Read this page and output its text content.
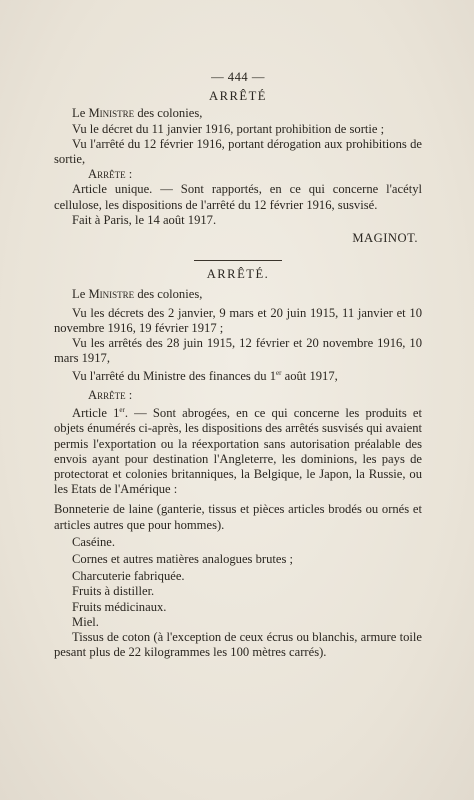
— 444 —
ARRÊTÉ

Le Ministre des colonies,

Vu le décret du 11 janvier 1916, portant prohibition de sortie ;

Vu l'arrêté du 12 février 1916, portant dérogation aux prohibitions de sortie,

Arrête :

Article unique. — Sont rapportés, en ce qui concerne l'acétyl cellulose, les dispositions de l'arrêté du 12 février 1916, susvisé.

Fait à Paris, le 14 août 1917.

MAGINOT.
ARRÊTÉ.

Le Ministre des colonies,

Vu les décrets des 2 janvier, 9 mars et 20 juin 1915, 11 janvier et 10 novembre 1916, 19 février 1917 ;

Vu les arrêtés des 28 juin 1915, 12 février et 20 novembre 1916, 10 mars 1917,

Vu l'arrêté du Ministre des finances du 1er août 1917,

Arrête :

Article 1er. — Sont abrogées, en ce qui concerne les produits et objets énumérés ci-après, les dispositions des arrêtés susvisés qui avaient permis l'exportation ou la réexportation sans autorisation préalable des envois ayant pour destination l'Angleterre, les dominions, les pays de protectorat et colonies britanniques, la Belgique, le Japon, la Russie, ou les Etats de l'Amérique :

Bonneterie de laine (ganterie, tissus et pièces articles brodés ou ornés et articles autres que pour hommes).

Caséine.

Cornes et autres matières analogues brutes ;

Charcuterie fabriquée.

Fruits à distiller.

Fruits médicinaux.

Miel.

Tissus de coton (à l'exception de ceux écrus ou blanchis, armure toile pesant plus de 22 kilogrammes les 100 mètres carrés).
